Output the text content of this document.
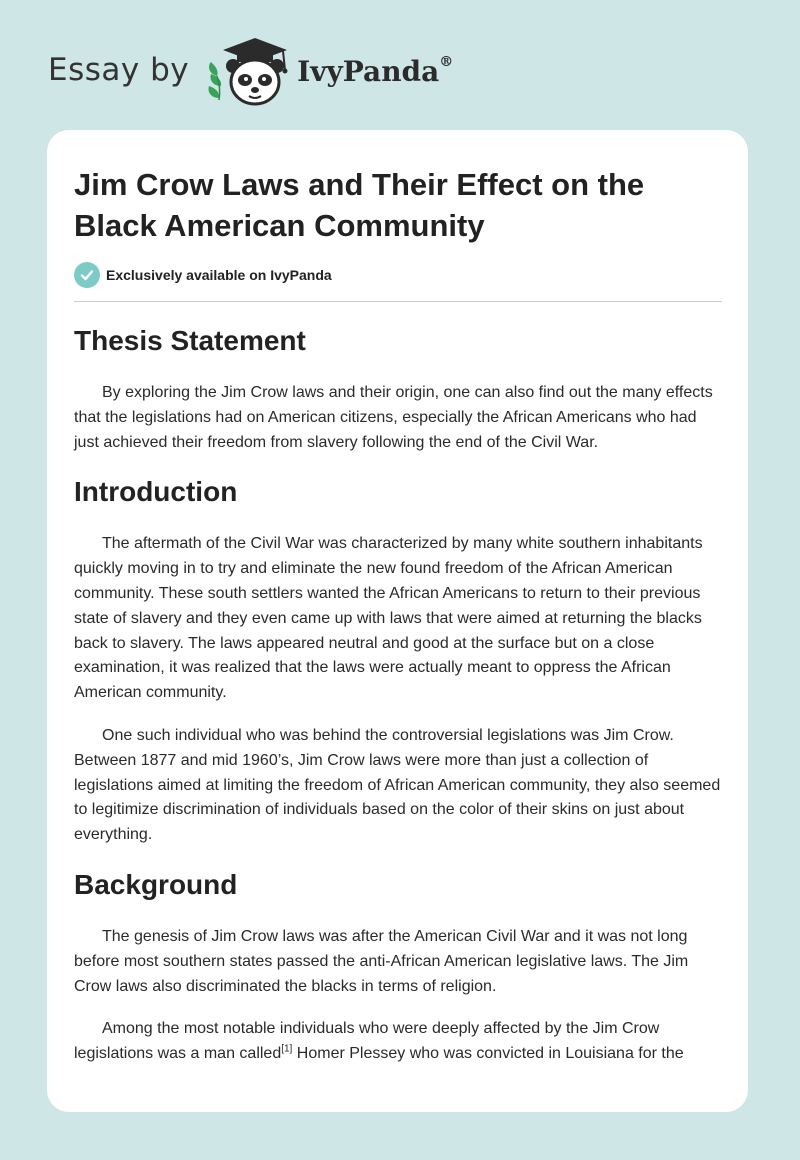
Essay by	IvyPanda®
Jim Crow Laws and Their Effect on the Black American Community
Exclusively available on IvyPanda
Thesis Statement

By exploring the Jim Crow laws and their origin, one can also find out the many effects that the legislations had on American citizens, especially the African Americans who had just achieved their freedom from slavery following the end of the Civil War.

Introduction

The aftermath of the Civil War was characterized by many white southern inhabitants quickly moving in to try and eliminate the new found freedom of the African American community. These south settlers wanted the African Americans to return to their previous state of slavery and they even came up with laws that were aimed at returning the blacks back to slavery. The laws appeared neutral and good at the surface but on a close examination, it was realized that the laws were actually meant to oppress the African American community.

One such individual who was behind the controversial legislations was Jim Crow. Between 1877 and mid 1960’s, Jim Crow laws were more than just a collection of legislations aimed at limiting the freedom of African American community, they also seemed to legitimize discrimination of individuals based on the color of their skins on just about everything.

Background

The genesis of Jim Crow laws was after the American Civil War and it was not long before most southern states passed the anti-African American legislative laws. The Jim Crow laws also discriminated the blacks in terms of religion.

Among the most notable individuals who were deeply affected by the Jim Crow legislations was a man called[1] Homer Plessey who was convicted in Louisiana for the
